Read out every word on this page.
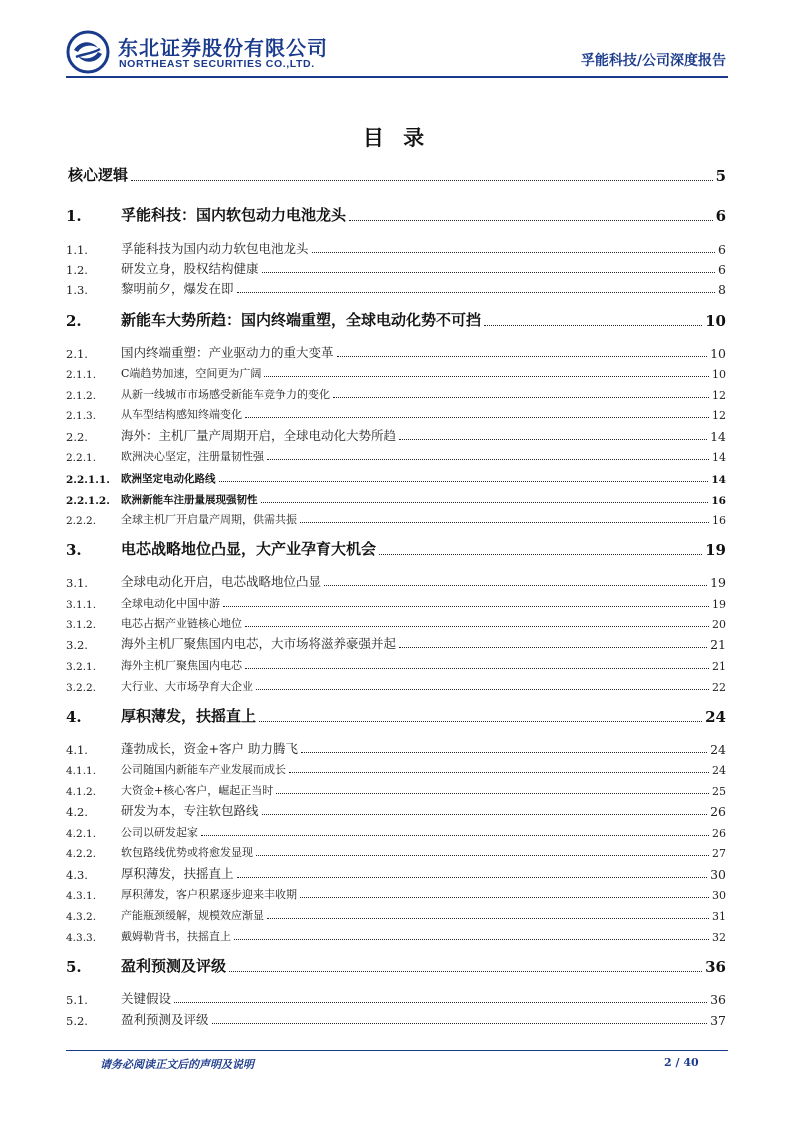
东北证券股份有限公司
NORTHEAST SECURITIES CO.,LTD.	孚能科技/公司深度报告
目 录
核心逻辑	5
1.	孚能科技：国内软包动力电池龙头	6
1.1.	孚能科技为国内动力软包电池龙头	6
1.2.	研发立身，股权结构健康	6
1.3.	黎明前夕，爆发在即	8
2.	新能车大势所趋：国内终端重塑，全球电动化势不可挡	10
2.1.	国内终端重塑：产业驱动力的重大变革	10
2.1.1.	C端趋势加速，空间更为广阔	10
2.1.2.	从新一线城市市场感受新能车竞争力的变化	12
2.1.3.	从车型结构感知终端变化	12
2.2.	海外：主机厂量产周期开启，全球电动化大势所趋	14
2.2.1.	欧洲决心坚定，注册量韧性强	14
2.2.1.1.	欧洲坚定电动化路线	14
2.2.1.2.	欧洲新能车注册量展现强韧性	16
2.2.2.	全球主机厂开启量产周期，供需共振	16
3.	电芯战略地位凸显，大产业孕育大机会	19
3.1.	全球电动化开启，电芯战略地位凸显	19
3.1.1.	全球电动化中国中游	19
3.1.2.	电芯占据产业链核心地位	20
3.2.	海外主机厂聚焦国内电芯，大市场将滋养豪强并起	21
3.2.1.	海外主机厂聚焦国内电芯	21
3.2.2.	大行业、大市场孕育大企业	22
4.	厚积薄发，扶摇直上	24
4.1.	蓬勃成长，资金+客户 助力腾飞	24
4.1.1.	公司随国内新能车产业发展而成长	24
4.1.2.	大资金+核心客户，崛起正当时	25
4.2.	研发为本，专注软包路线	26
4.2.1.	公司以研发起家	26
4.2.2.	软包路线优势或将愈发显现	27
4.3.	厚积薄发，扶摇直上	30
4.3.1.	厚积薄发，客户积累逐步迎来丰收期	30
4.3.2.	产能瓶颈缓解，规模效应渐显	31
4.3.3.	戴姆勒背书，扶摇直上	32
5.	盈利预测及评级	36
5.1.	关键假设	36
5.2.	盈利预测及评级	37
请务必阅读正文后的声明及说明	2 / 40
